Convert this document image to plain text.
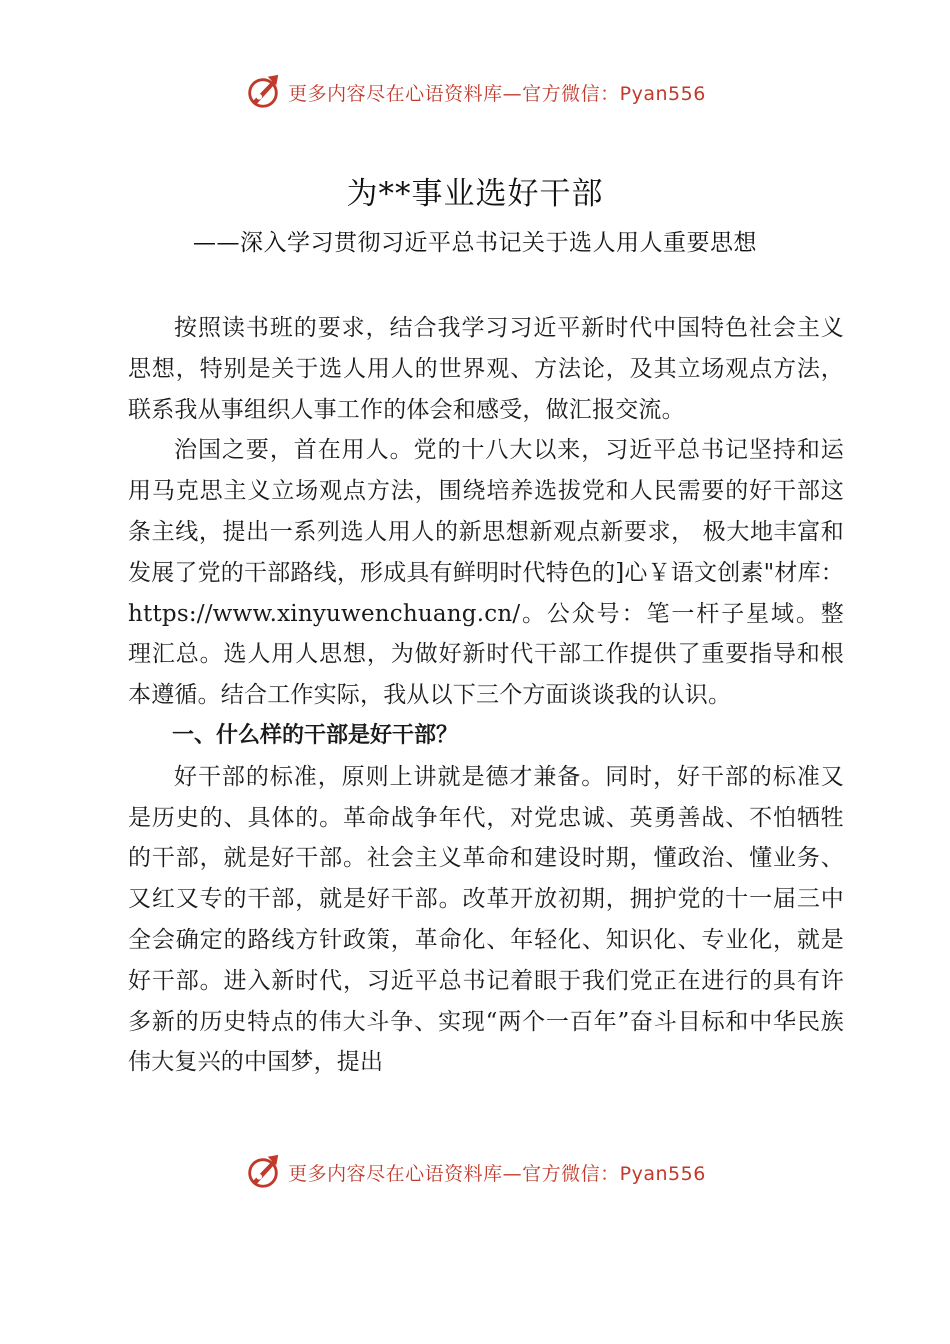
更多内容尽在心语资料库—官方微信：Pyan556
为**事业选好干部
——深入学习贯彻习近平总书记关于选人用人重要思想

按照读书班的要求，结合我学习习近平新时代中国特色社会主义思想，特别是关于选人用人的世界观、方法论，及其立场观点方法，联系我从事组织人事工作的体会和感受，做汇报交流。

治国之要，首在用人。党的十八大以来，习近平总书记坚持和运用马克思主义立场观点方法，围绕培养选拔党和人民需要的好干部这条主线，提出一系列选人用人的新思想新观点新要求， 极大地丰富和发展了党的干部路线，形成具有鲜明时代特色的]心￥语文创素"材库：https://www.xinyuwenchuang.cn/。公众号：笔一杆子星域。整理汇总。选人用人思想，为做好新时代干部工作提供了重要指导和根本遵循。结合工作实际，我从以下三个方面谈谈我的认识。

一、什么样的干部是好干部？

好干部的标准，原则上讲就是德才兼备。同时，好干部的标准又是历史的、具体的。革命战争年代，对党忠诚、英勇善战、不怕牺牲的干部，就是好干部。社会主义革命和建设时期，懂政治、懂业务、又红又专的干部，就是好干部。改革开放初期，拥护党的十一届三中全会确定的路线方针政策，革命化、年轻化、知识化、专业化，就是好干部。进入新时代，习近平总书记着眼于我们党正在进行的具有许多新的历史特点的伟大斗争、实现“两个一百年”奋斗目标和中华民族伟大复兴的中国梦，提出

更多内容尽在心语资料库—官方微信：Pyan556
